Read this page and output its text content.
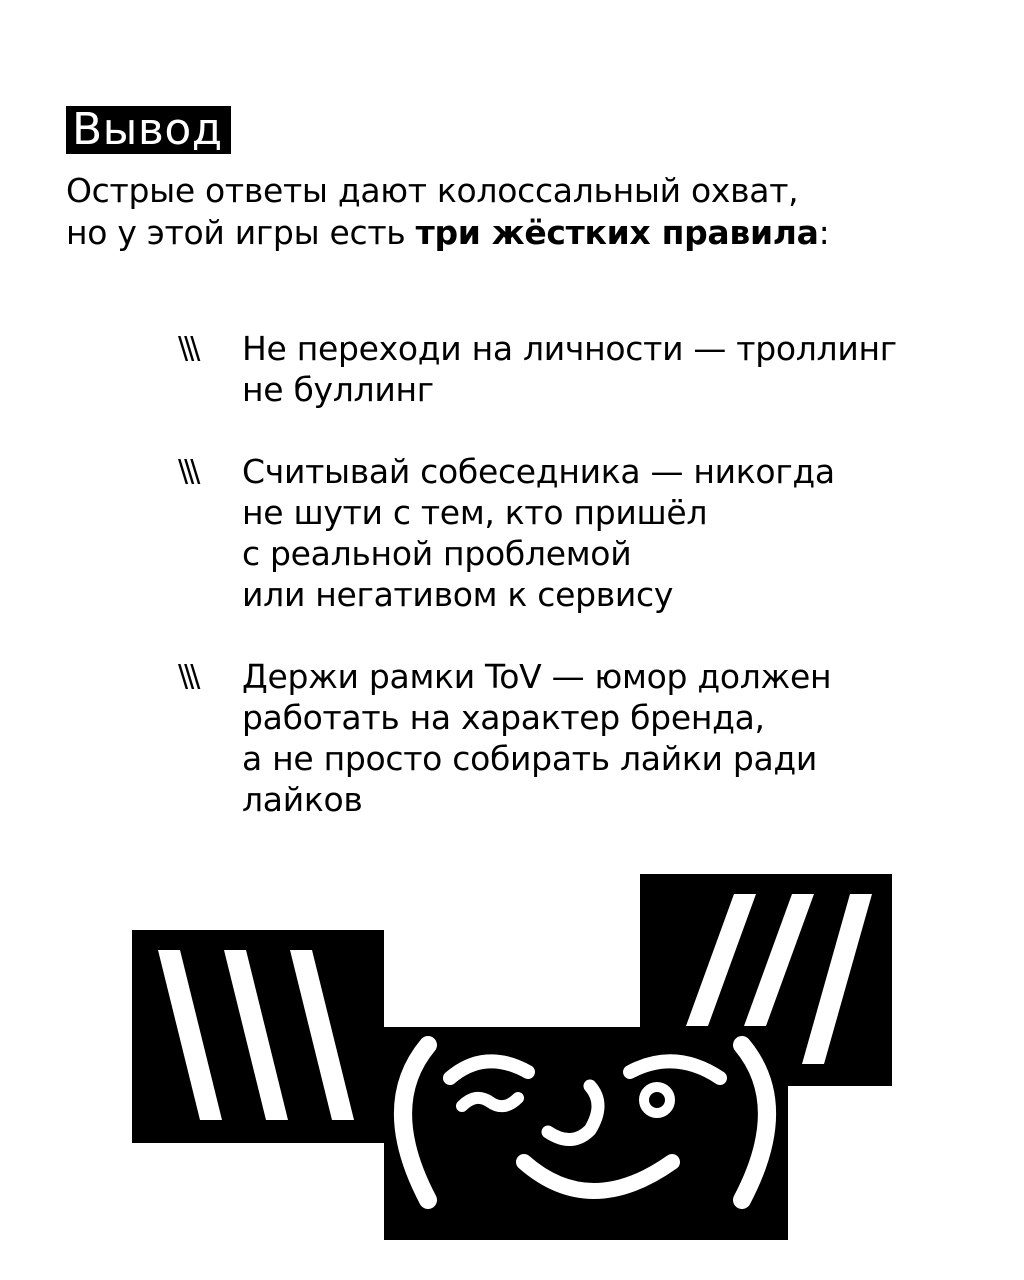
Вывод
Острые ответы дают колоссальный охват,
но у этой игры есть три жёстких правила:
\\\ Не переходи на личности — троллинг
не буллинг
\\\ Считывай собеседника — никогда
не шути с тем, кто пришёл
с реальной проблемой
или негативом к сервису
\\\ Держи рамки ToV — юмор должен
работать на характер бренда,
а не просто собирать лайки ради
лайков
